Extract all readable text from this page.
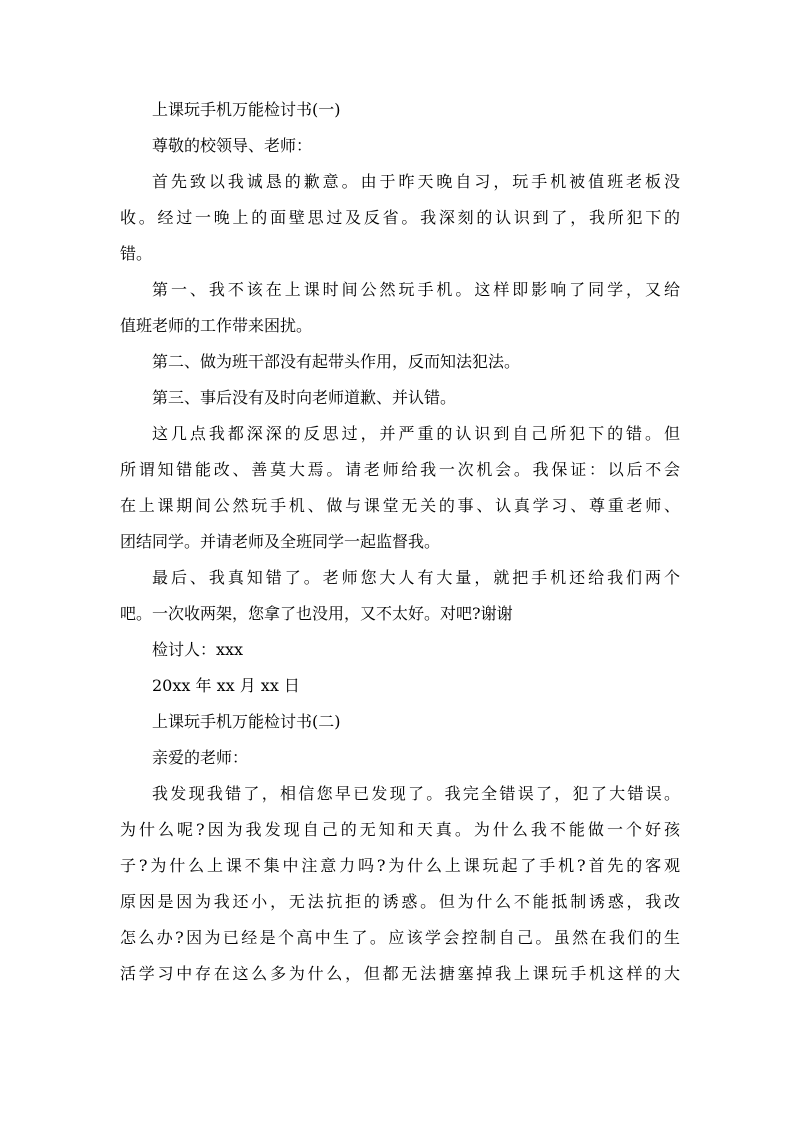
上课玩手机万能检讨书(一)

尊敬的校领导、老师：

首先致以我诚恳的歉意。由于昨天晚自习，玩手机被值班老板没

收。经过一晚上的面壁思过及反省。我深刻的认识到了，我所犯下的

错。

第一、我不该在上课时间公然玩手机。这样即影响了同学，又给

值班老师的工作带来困扰。

第二、做为班干部没有起带头作用，反而知法犯法。

第三、事后没有及时向老师道歉、并认错。

这几点我都深深的反思过，并严重的认识到自己所犯下的错。但

所谓知错能改、善莫大焉。请老师给我一次机会。我保证：以后不会

在上课期间公然玩手机、做与课堂无关的事、认真学习、尊重老师、

团结同学。并请老师及全班同学一起监督我。

最后、我真知错了。老师您大人有大量，就把手机还给我们两个

吧。一次收两架，您拿了也没用，又不太好。对吧?谢谢

检讨人：xxx

20xx 年 xx 月 xx 日

上课玩手机万能检讨书(二)

亲爱的老师：

我发现我错了，相信您早已发现了。我完全错误了，犯了大错误。

为什么呢?因为我发现自己的无知和天真。为什么我不能做一个好孩

子?为什么上课不集中注意力吗?为什么上课玩起了手机?首先的客观

原因是因为我还小，无法抗拒的诱惑。但为什么不能抵制诱惑，我改

怎么办?因为已经是个高中生了。应该学会控制自己。虽然在我们的生

活学习中存在这么多为什么，但都无法搪塞掉我上课玩手机这样的大
